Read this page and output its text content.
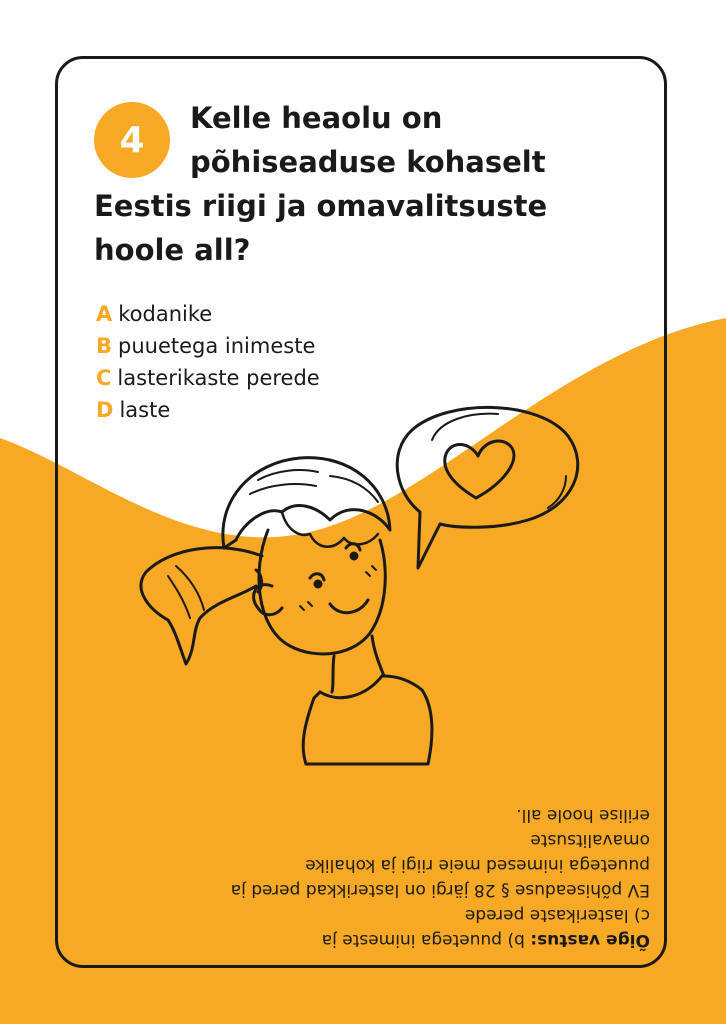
4
Kelle heaolu on
põhiseaduse kohaselt
Eestis riigi ja omavalitsuste
hoole all?
A kodanike
B puuetega inimeste
C lasterikaste perede
D laste
Õige vastus: b) puuetega inimeste ja
c) lasterikaste perede
EV põhiseaduse § 28 järgi on lasterikkad pered ja
puuetega inimesed meie riigi ja kohalike omavalitsuste
erilise hoole all.
